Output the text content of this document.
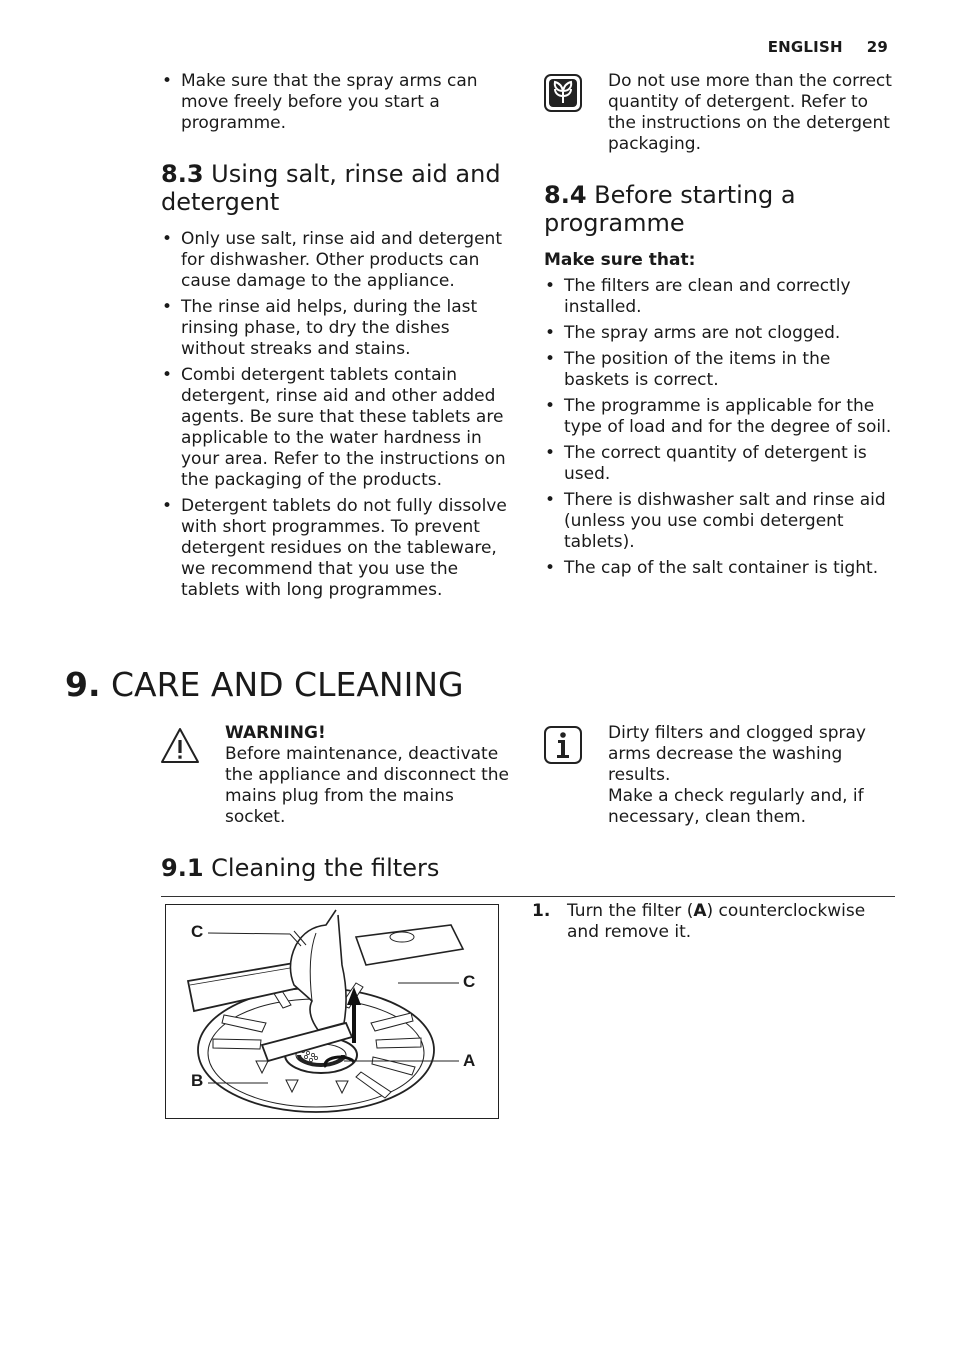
ENGLISH 29
• Make sure that the spray arms can move freely before you start a programme.
8.3 Using salt, rinse aid and detergent
• Only use salt, rinse aid and detergent for dishwasher. Other products can cause damage to the appliance.
• The rinse aid helps, during the last rinsing phase, to dry the dishes without streaks and stains.
• Combi detergent tablets contain detergent, rinse aid and other added agents. Be sure that these tablets are applicable to the water hardness in your area. Refer to the instructions on the packaging of the products.
• Detergent tablets do not fully dissolve with short programmes. To prevent detergent residues on the tableware, we recommend that you use the tablets with long programmes.
Do not use more than the correct quantity of detergent. Refer to the instructions on the detergent packaging.
8.4 Before starting a programme
Make sure that:
• The filters are clean and correctly installed.
• The spray arms are not clogged.
• The position of the items in the baskets is correct.
• The programme is applicable for the type of load and for the degree of soil.
• The correct quantity of detergent is used.
• There is dishwasher salt and rinse aid (unless you use combi detergent tablets).
• The cap of the salt container is tight.
9. CARE AND CLEANING
WARNING!
Before maintenance, deactivate the appliance and disconnect the mains plug from the mains socket.
Dirty filters and clogged spray arms decrease the washing results.
Make a check regularly and, if necessary, clean them.
9.1 Cleaning the filters
C
C
A
B
1. Turn the filter (A) counterclockwise and remove it.
